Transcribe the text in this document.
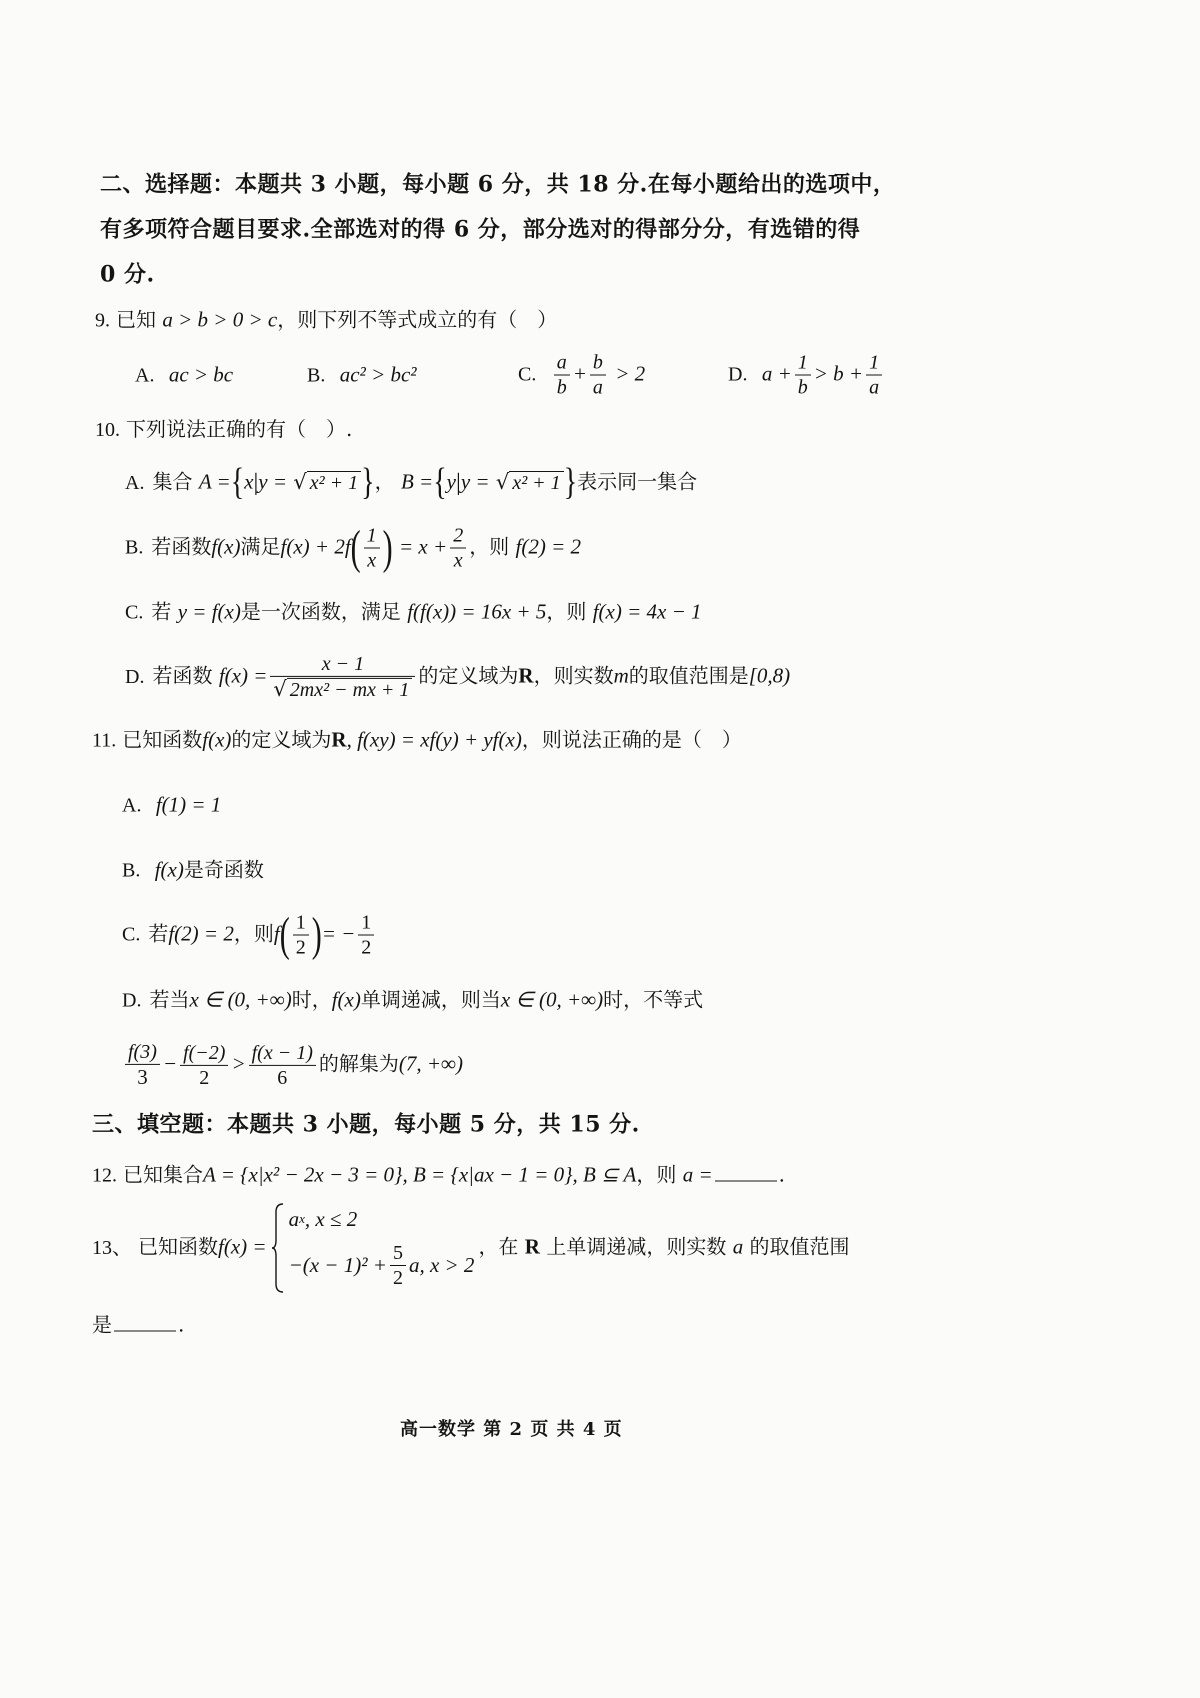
二、选择题：本题共 3 小题，每小题 6 分，共 18 分.在每小题给出的选项中，
有多项符合题目要求.全部选对的得 6 分，部分选对的得部分分，有选错的得
0 分.
9. 已知 a > b > 0 > c，则下列不等式成立的有（　）
A. ac > bc	B. ac² > bc²	C. $\frac{a}{b} + \frac{b}{a} > 2$	D. $a + \frac{1}{b} > b + \frac{1}{a}$
10. 下列说法正确的有（　）.
A. 集合 A ={x|y = √ x² + 1 }， B ={y|y = √ x² + 1 }表示同一集合
B. 若函数f(x)满足$f(x) + 2f( \frac{1}{x}$ ) = $x + \frac{2}{x}$ ，则 f(2) = 2
C. 若 y = f(x)是一次函数，满足 f(f(x)) = 16x + 5，则 f(x) = 4x − 1
D. 若函数 $f(x) = \frac{x - 1}{\text{√ 2mx² − mx + 1}}$ 的定义域为R，则实数m的取值范围是[0,8)
11. 已知函数f(x)的定义域为R, f(xy) = xf(y) + yf(x)，则说法正确的是（　）
A. f(1) = 1
B. f(x)是奇函数
C. 若f(2) = 2，则$f( \frac{1}{2}$ )= − $\frac{1}{2}$
D. 若当x ∈ (0, +∞)时，f(x)单调递减，则当x ∈ (0, +∞)时，不等式
$\frac{f(3)}{3} - \frac{f(-2)}{2} > \frac{f(x - 1)}{6}$ 的解集为(7, +∞)
三、填空题：本题共 3 小题，每小题 5 分，共 15 分.
12. 已知集合A = {x|x² − 2x − 3 = 0}, B = {x|ax − 1 = 0}, B ⊆ A，则 a =	.
13、 已知函数f(x) =
a x , x ≤ 2
$-(x - 1)^2 + \frac{5}{2} a$, x > 2
，在 R 上单调递减，则实数 a 的取值范围
是	.
高一数学 第 2 页 共 4 页
